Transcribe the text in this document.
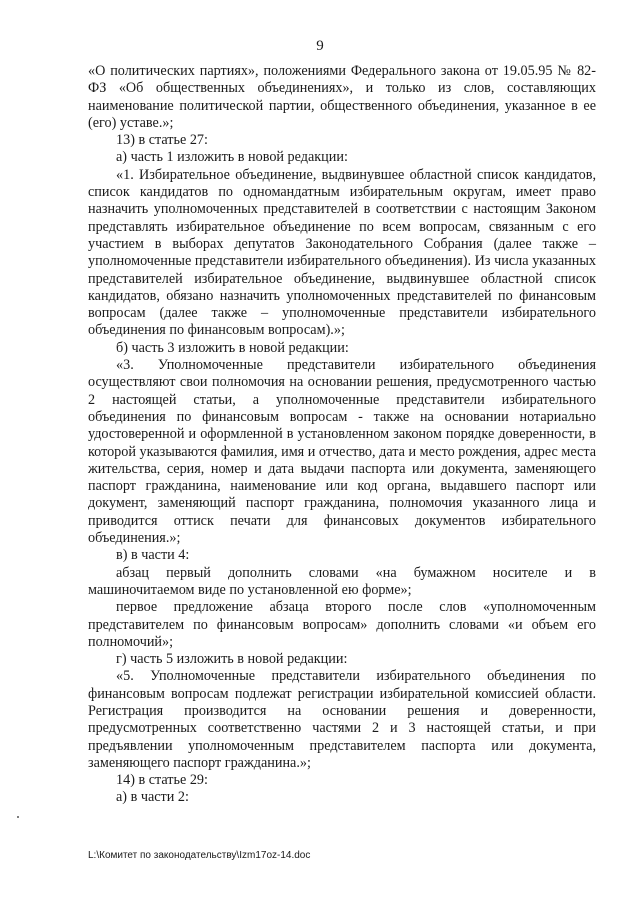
9

«О политических партиях», положениями Федерального закона от 19.05.95 № 82-ФЗ «Об общественных объединениях», и только из слов, составляющих наименование политической партии, общественного объединения, указанное в ее (его) уставе.»;

13) в статье 27:

а) часть 1 изложить в новой редакции:

«1. Избирательное объединение, выдвинувшее областной список кандидатов, список кандидатов по одномандатным избирательным округам, имеет право назначить уполномоченных представителей в соответствии с настоящим Законом представлять избирательное объединение по всем вопросам, связанным с его участием в выборах депутатов Законодательного Собрания (далее также – уполномоченные представители избирательного объединения). Из числа указанных представителей избирательное объединение, выдвинувшее областной список кандидатов, обязано назначить уполномоченных представителей по финансовым вопросам (далее также – уполномоченные представители избирательного объединения по финансовым вопросам).»;

б) часть 3 изложить в новой редакции:

«3. Уполномоченные представители избирательного объединения осуществляют свои полномочия на основании решения, предусмотренного частью 2 настоящей статьи, а уполномоченные представители избирательного объединения по финансовым вопросам - также на основании нотариально удостоверенной и оформленной в установленном законом порядке доверенности, в которой указываются фамилия, имя и отчество, дата и место рождения, адрес места жительства, серия, номер и дата выдачи паспорта или документа, заменяющего паспорт гражданина, наименование или код органа, выдавшего паспорт или документ, заменяющий паспорт гражданина, полномочия указанного лица и приводится оттиск печати для финансовых документов избирательного объединения.»;

в) в части 4:

абзац первый дополнить словами «на бумажном носителе и в машиночитаемом виде по установленной ею форме»;

первое предложение абзаца второго после слов «уполномоченным представителем по финансовым вопросам» дополнить словами «и объем его полномочий»;

г) часть 5 изложить в новой редакции:

«5. Уполномоченные представители избирательного объединения по финансовым вопросам подлежат регистрации избирательной комиссией области. Регистрация производится на основании решения и доверенности, предусмотренных соответственно частями 2 и 3 настоящей статьи, и при предъявлении уполномоченным представителем паспорта или документа, заменяющего паспорт гражданина.»;

14) в статье 29:

а) в части 2:

L:\Комитет по законодательству\Izm17oz-14.doc
